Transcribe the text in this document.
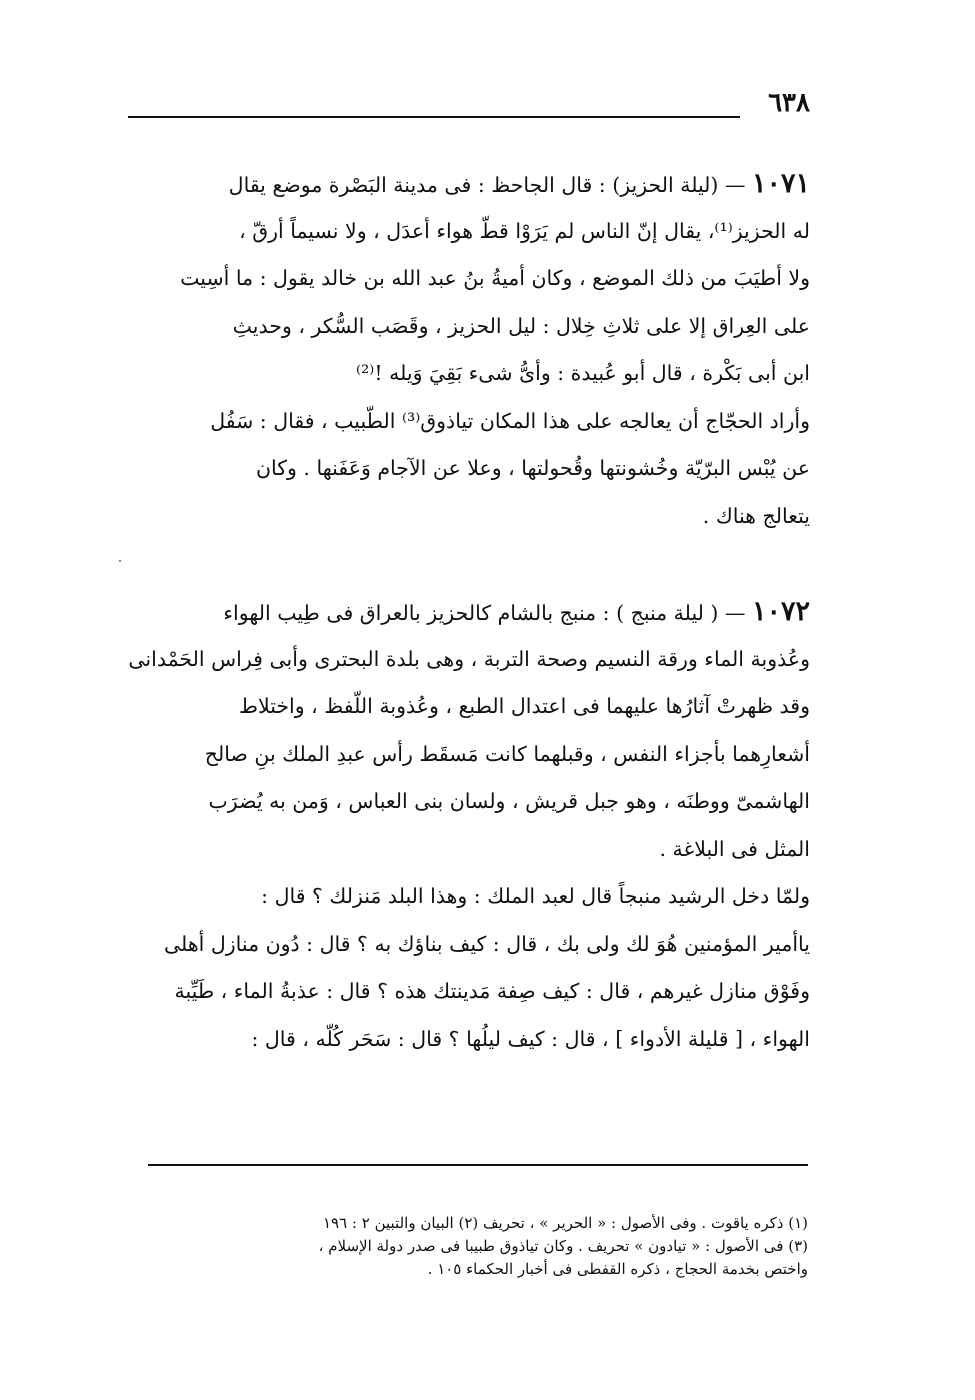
٦٣٨
١٠٧١ — (ليلة الحزيز) : قال الجاحظ : فى مدينة البَصْرة موضع يقال
له الحزيز⁽¹⁾، يقال إنّ الناس لم يَرَوْا قطّ هواء أعدَل ، ولا نسيماً أرقّ ،
ولا أطيَبَ من ذلك الموضع ، وكان أميةُ بنُ عبد الله بن خالد يقول : ما أسِيت
على العِراق إلا على ثلاثِ خِلال : ليل الحزيز ، وقَصَب السُّكر ، وحديثِ
ابن أبى بَكْرة ، قال أبو عُبيدة : وأىُّ شىء بَقِيَ وَيله !⁽²⁾
وأراد الحجّاج أن يعالجه على هذا المكان تياذوق⁽³⁾ الطّبيب ، فقال : سَفُل
عن يُبْس البرّيّة وخُشونتها وقُحولتها ، وعلا عن الآجام وَعَفَنها . وكان
يتعالج هناك .
١٠٧٢ — ( ليلة منبج ) : منبج بالشام كالحزيز بالعراق فى طِيب الهواء
وعُذوبة الماء ورقة النسيم وصحة التربة ، وهى بلدة البحترى وأبى فِراس الحَمْدانى
وقد ظهرتْ آثارُها عليهما فى اعتدال الطبع ، وعُذوبة اللّفظ ، واختلاط
أشعارِهما بأجزاء النفس ، وقبلهما كانت مَسقَط رأس عبدِ الملك بنِ صالح
الهاشمىّ ووطنَه ، وهو جبل قريش ، ولسان بنى العباس ، وَمن به يُضرَب
المثل فى البلاغة .
ولمّا دخل الرشيد منبجاً قال لعبد الملك : وهذا البلد مَنزلك ؟ قال :
ياأمير المؤمنين هُوَ لك ولى بك ، قال : كيف بناؤك به ؟ قال : دُون منازل أهلى
وفَوْق منازل غيرهم ، قال : كيف صِفة مَدينتك هذه ؟ قال : عذبةُ الماء ، طَيِّبة
الهواء ، [ قليلة الأدواء ] ، قال : كيف ليلُها ؟ قال : سَحَر كُلّه ، قال :
(١) ذكره ياقوت . وفى الأصول : « الحرير » ، تحريف (٢) البيان والتبين ٢ : ١٩٦
(٣) فى الأصول : « تيادون » تحريف . وكان تياذوق طبيبا فى صدر دولة الإسلام ،
واختص بخدمة الحجاج ، ذكره القفطى فى أخبار الحكماء ١٠٥ .
